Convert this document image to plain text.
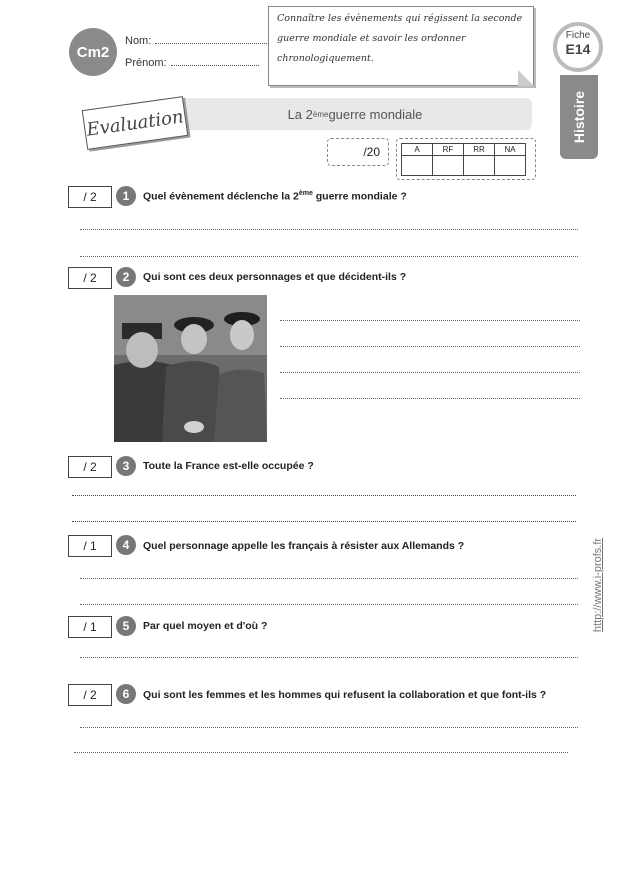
Cm2
Nom:
Prénom:
Connaître les évènements qui régissent la seconde guerre mondiale et savoir les ordonner chronologiquement.
Fiche
E14
Histoire
La 2 ème guerre mondiale
Evaluation
/20	A	RF	RR	NA

/ 2	1	Quel évènement déclenche la 2ème guerre mondiale ?
/ 2	2	Qui sont ces deux personnages et que décident-ils ?
/ 2	3	Toute la France est-elle occupée ?
/ 1	4	Quel personnage appelle les français à résister aux Allemands ?
/ 1	5	Par quel moyen et d'où ?
/ 2	6	Qui sont les femmes et les hommes qui refusent la collaboration et que font-ils ?
http://www.i-profs.fr
